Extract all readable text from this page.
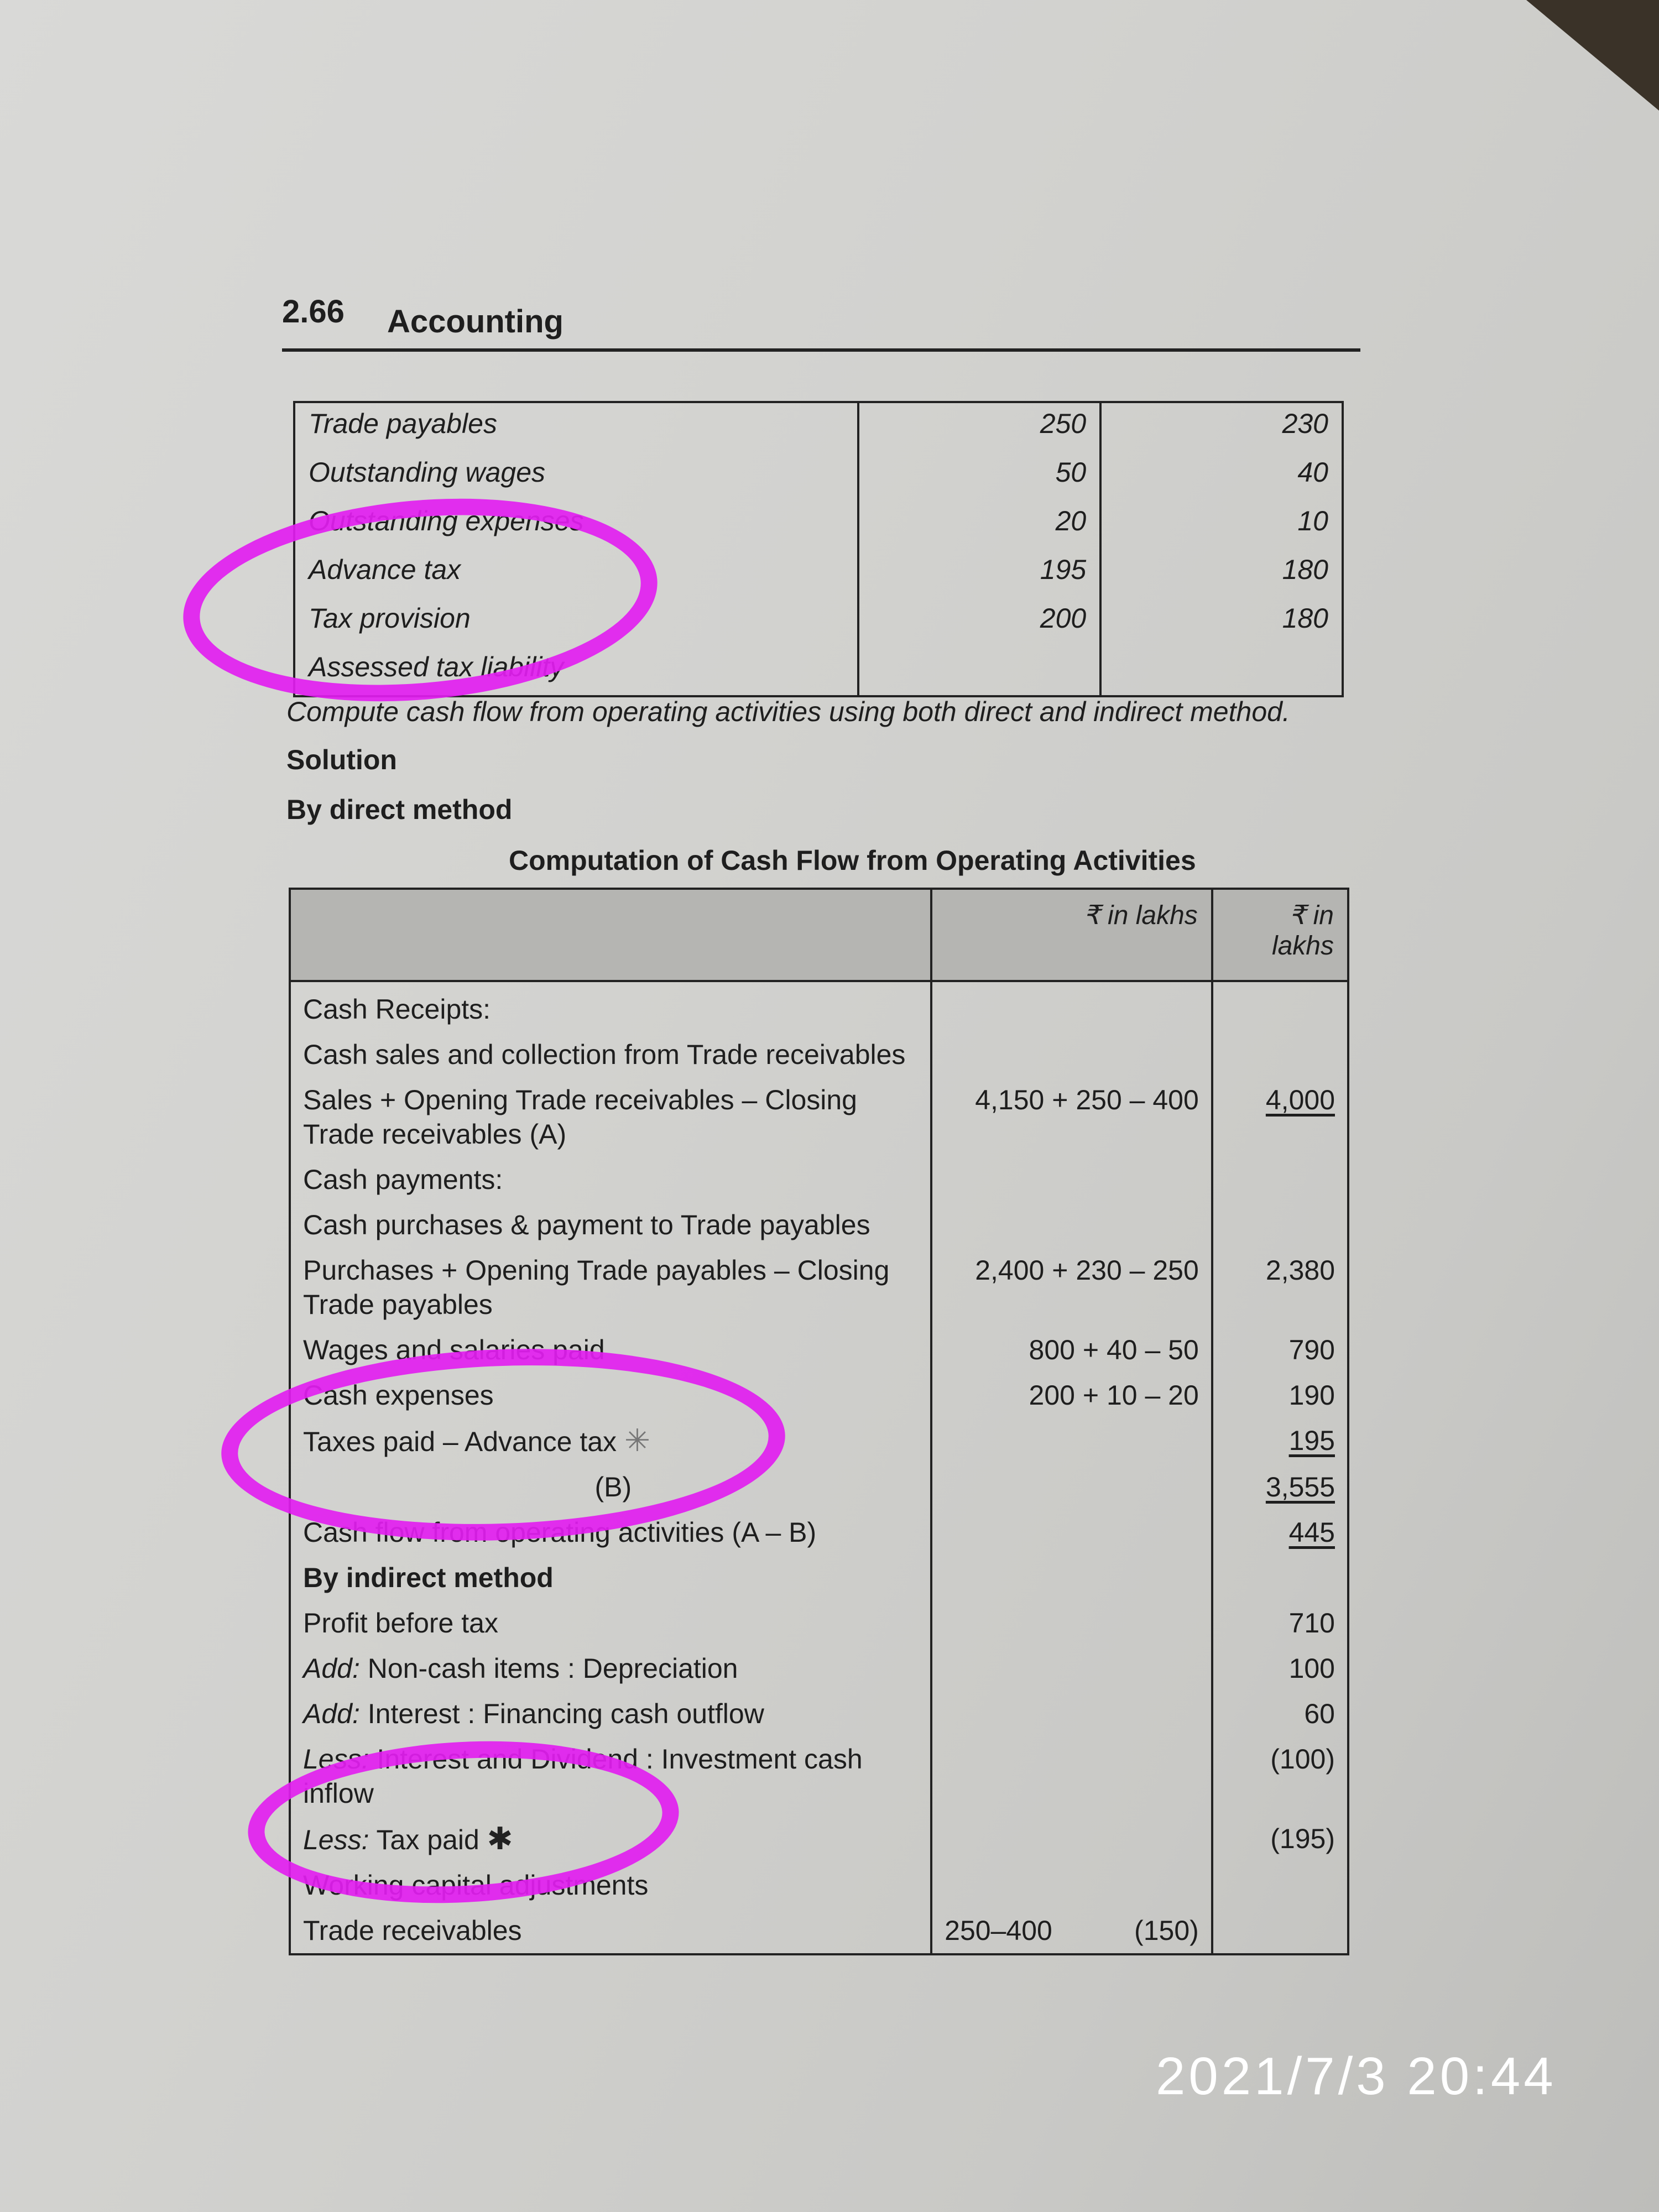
2.66 Accounting
Trade payables	250	230
Outstanding wages	50	40
Outstanding expenses	20	10
Advance tax	195	180
Tax provision	200	180
Assessed tax liability		
Compute cash flow from operating activities using both direct and indirect method.
Solution
By direct method
Computation of Cash Flow from Operating Activities
	₹ in lakhs	₹ in lakhs
Cash Receipts:		
Cash sales and collection from Trade receivables		
Sales + Opening Trade receivables – Closing Trade receivables (A)	4,150 + 250 – 400	4,000
Cash payments:		
Cash purchases & payment to Trade payables		
Purchases + Opening Trade payables – Closing Trade payables	2,400 + 230 – 250	2,380
Wages and salaries paid	800 + 40 – 50	790
Cash expenses	200 + 10 – 20	190
Taxes paid – Advance tax ✳		195
(B)		3,555
Cash flow from operating activities (A – B)		445
By indirect method		
Profit before tax		710
Add: Non-cash items : Depreciation		100
Add: Interest : Financing cash outflow		60
Less: Interest and Dividend : Investment cash inflow		(100)
Less: Tax paid ✱		(195)
Working capital adjustments		
Trade receivables	250–400 (150)	

2021/7/3 20:44
